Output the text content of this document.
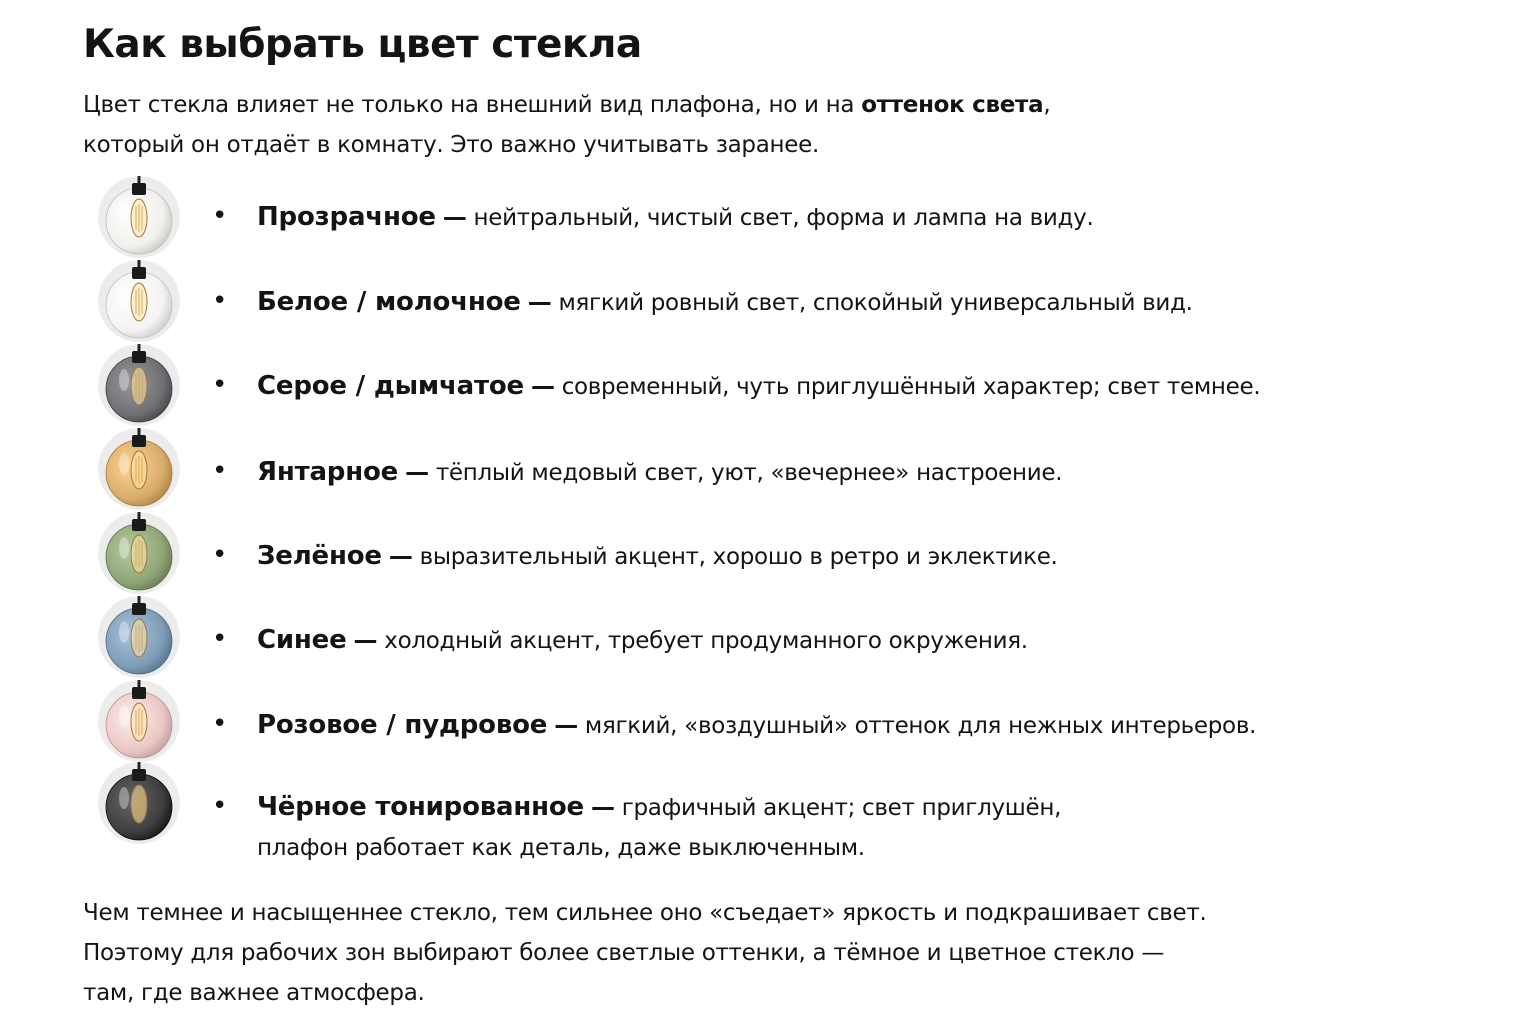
Как выбрать цвет стекла

Цвет стекла влияет не только на внешний вид плафона, но и на оттенок света,
который он отдаёт в комнату. Это важно учитывать заранее.

• Прозрачное — нейтральный, чистый свет, форма и лампа на виду.
• Белое / молочное — мягкий ровный свет, спокойный универсальный вид.
• Серое / дымчатое — современный, чуть приглушённый характер; свет темнее.
• Янтарное — тёплый медовый свет, уют, «вечернее» настроение.
• Зелёное — выразительный акцент, хорошо в ретро и эклектике.
• Синее — холодный акцент, требует продуманного окружения.
• Розовое / пудровое — мягкий, «воздушный» оттенок для нежных интерьеров.
• Чёрное тонированное — графичный акцент; свет приглушён,
плафон работает как деталь, даже выключенным.
Чем темнее и насыщеннее стекло, тем сильнее оно «съедает» яркость и подкрашивает свет.
Поэтому для рабочих зон выбирают более светлые оттенки, а тёмное и цветное стекло —
там, где важнее атмосфера.
